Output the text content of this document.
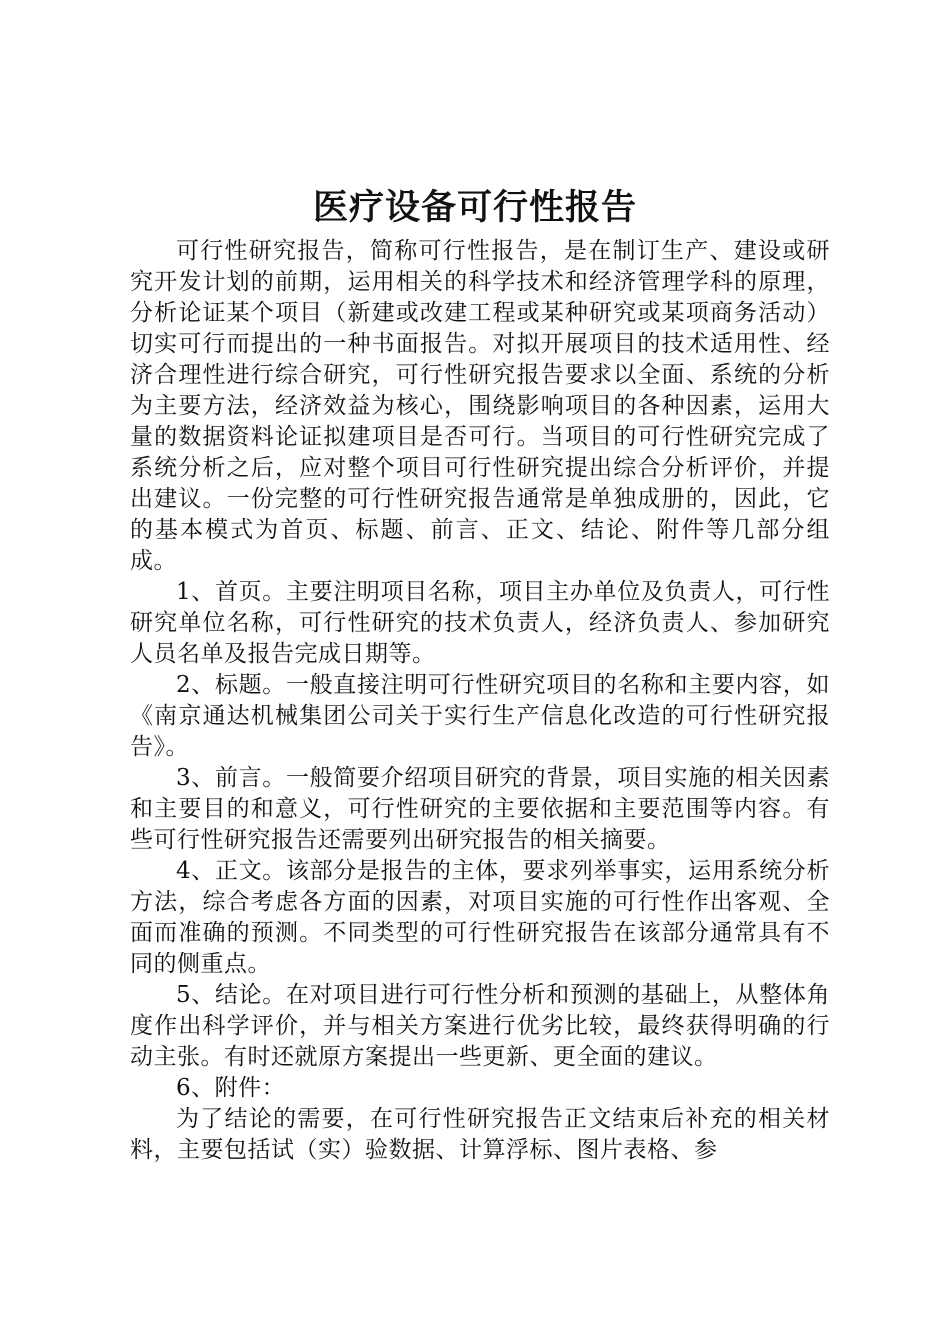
医疗设备可行性报告

可行性研究报告，简称可行性报告，是在制订生产、建设或研究开发计划的前期，运用相关的科学技术和经济管理学科的原理，分析论证某个项目（新建或改建工程或某种研究或某项商务活动）切实可行而提出的一种书面报告。对拟开展项目的技术适用性、经济合理性进行综合研究，可行性研究报告要求以全面、系统的分析为主要方法，经济效益为核心，围绕影响项目的各种因素，运用大量的数据资料论证拟建项目是否可行。当项目的可行性研究完成了系统分析之后，应对整个项目可行性研究提出综合分析评价，并提出建议。一份完整的可行性研究报告通常是单独成册的，因此，它的基本模式为首页、标题、前言、正文、结论、附件等几部分组成。

1、首页。主要注明项目名称，项目主办单位及负责人，可行性研究单位名称，可行性研究的技术负责人，经济负责人、参加研究人员名单及报告完成日期等。

2、标题。一般直接注明可行性研究项目的名称和主要内容，如《南京通达机械集团公司关于实行生产信息化改造的可行性研究报告》。

3、前言。一般简要介绍项目研究的背景，项目实施的相关因素和主要目的和意义，可行性研究的主要依据和主要范围等内容。有些可行性研究报告还需要列出研究报告的相关摘要。

4、正文。该部分是报告的主体，要求列举事实，运用系统分析方法，综合考虑各方面的因素，对项目实施的可行性作出客观、全面而准确的预测。不同类型的可行性研究报告在该部分通常具有不同的侧重点。

5、结论。在对项目进行可行性分析和预测的基础上，从整体角度作出科学评价，并与相关方案进行优劣比较，最终获得明确的行动主张。有时还就原方案提出一些更新、更全面的建议。

6、附件：

为了结论的需要，在可行性研究报告正文结束后补充的相关材料，主要包括试（实）验数据、计算浮标、图片表格、参
